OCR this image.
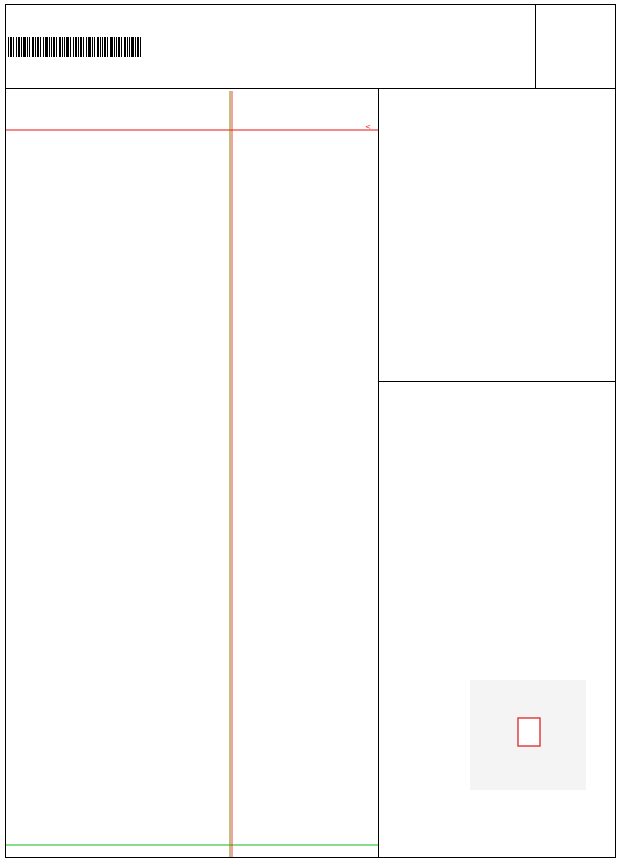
<
